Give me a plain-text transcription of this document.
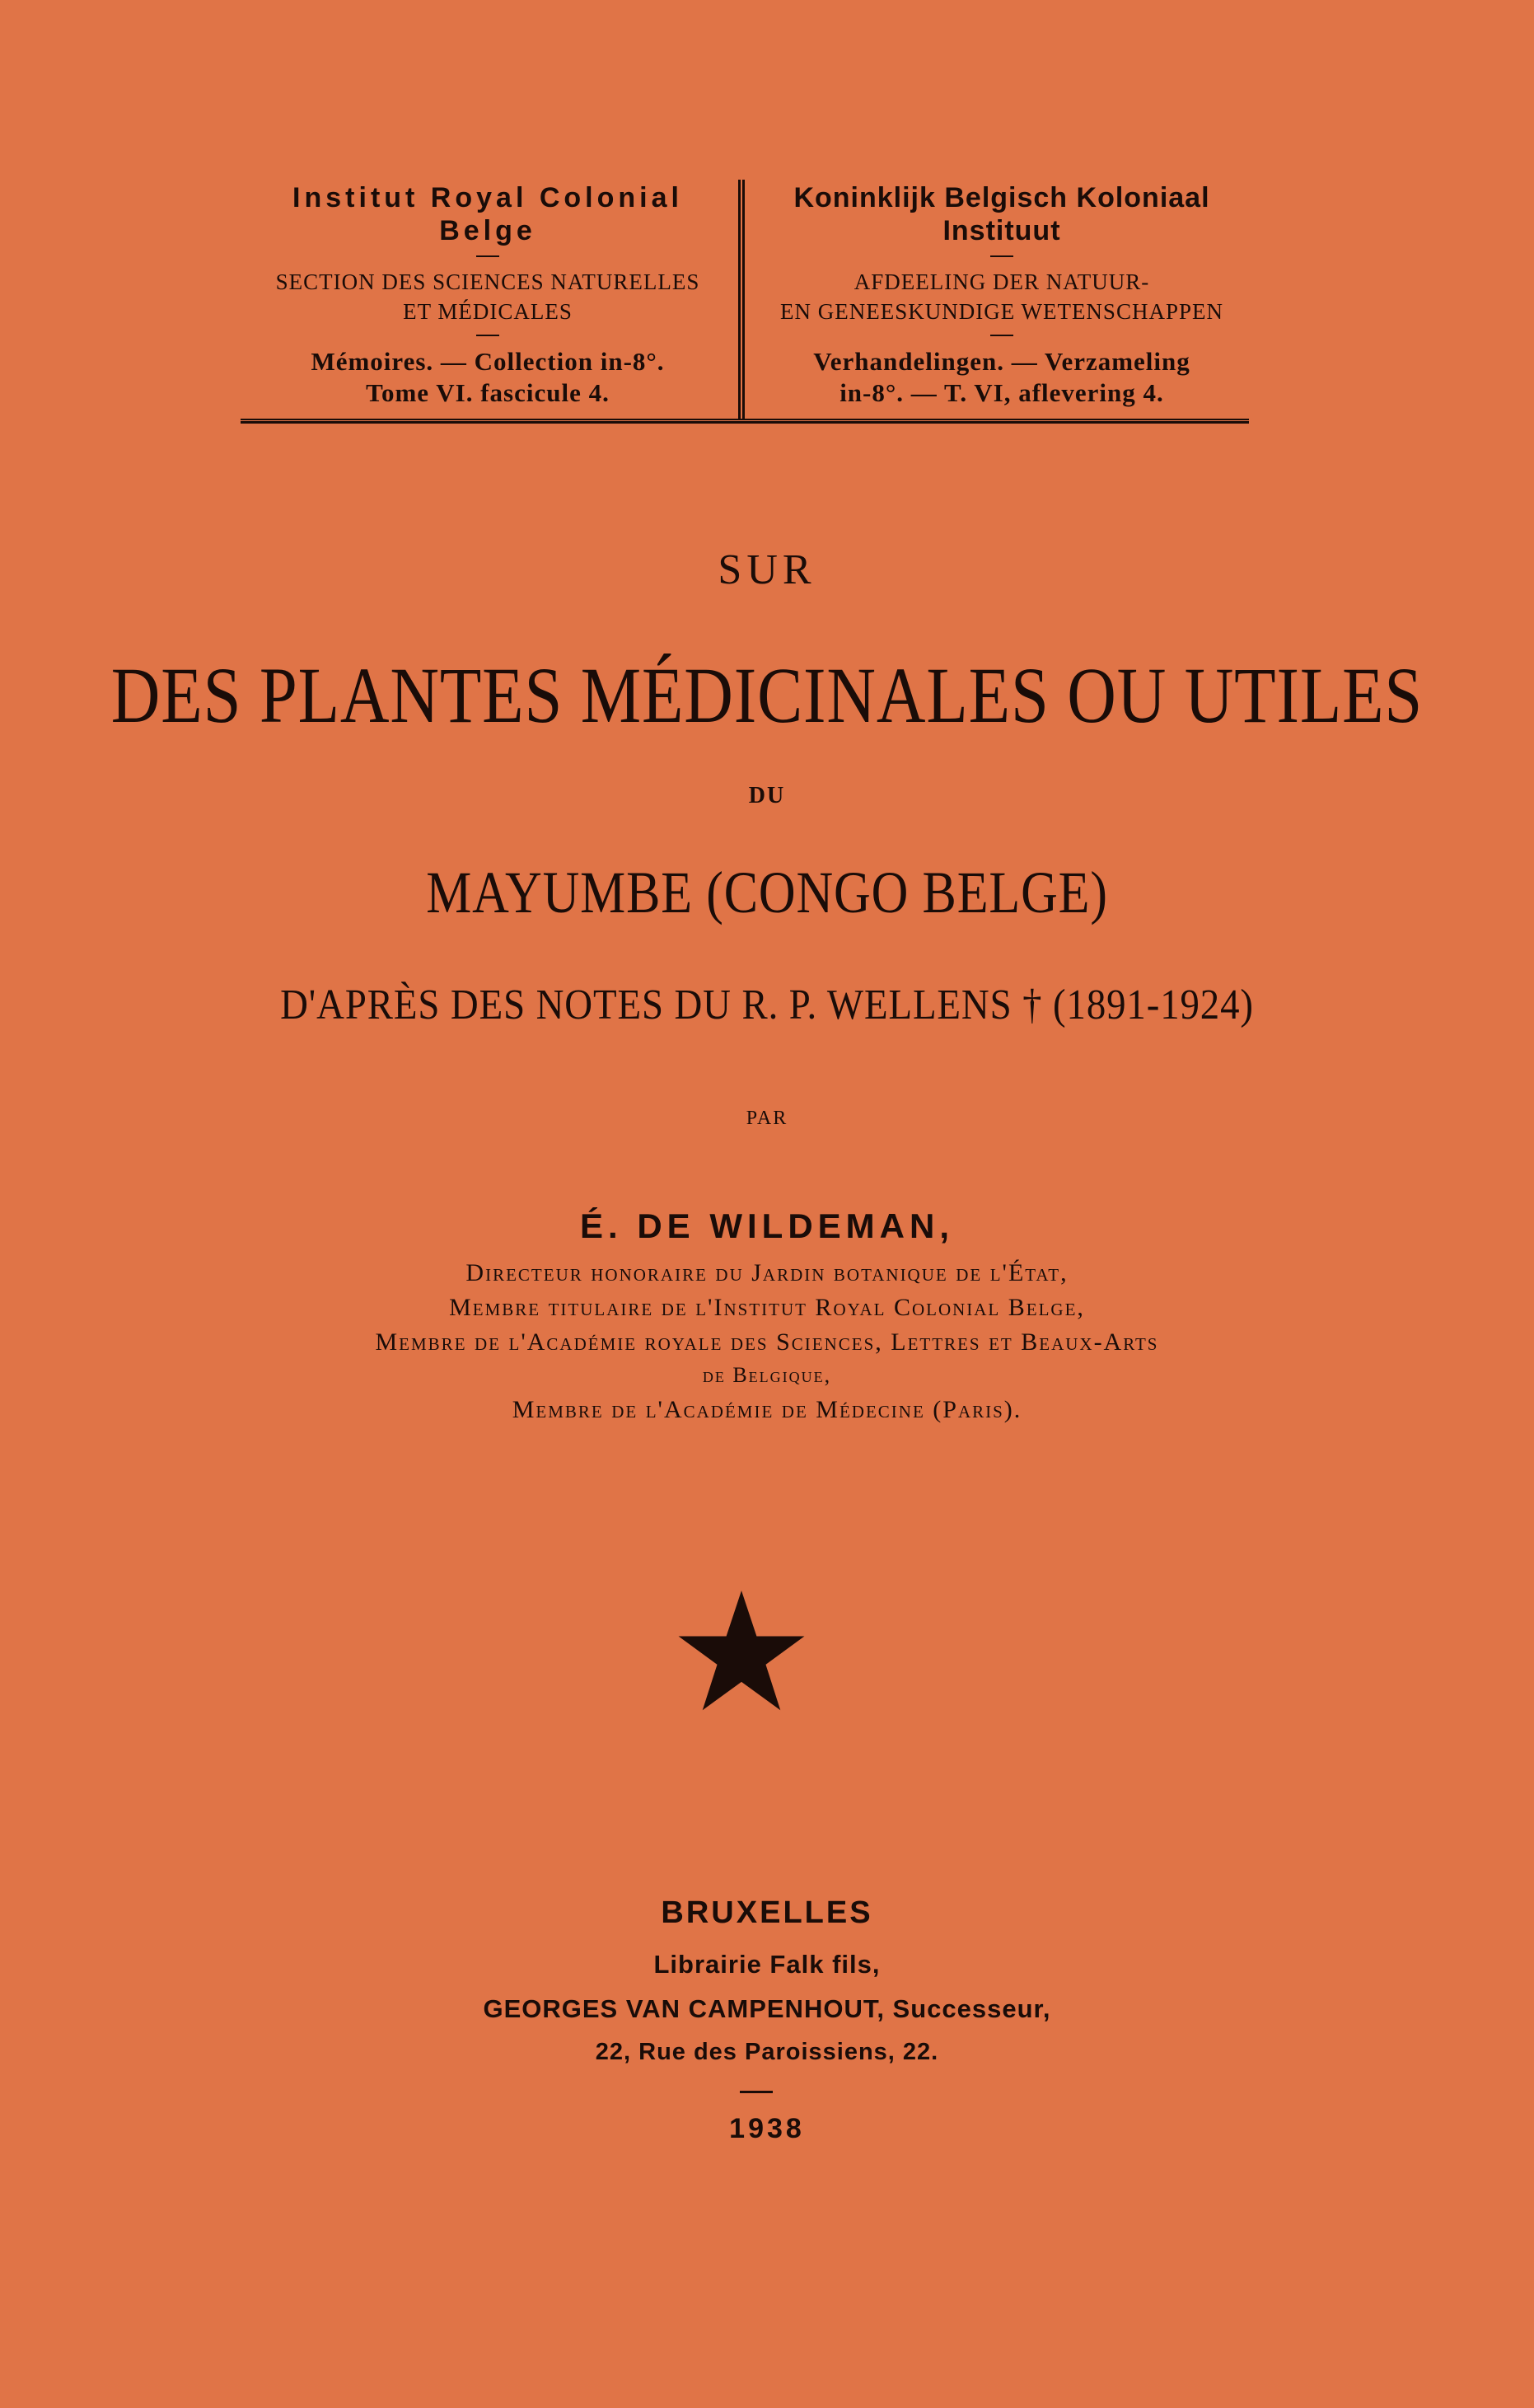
Institut Royal Colonial Belge
SECTION DES SCIENCES NATURELLES
ET MÉDICALES
Mémoires. — Collection in-8°.
Tome VI. fascicule 4.
Koninklijk Belgisch Koloniaal Instituut
AFDEELING DER NATUUR-
EN GENEESKUNDIGE WETENSCHAPPEN
Verhandelingen. — Verzameling
in-8°. — T. VI, aflevering 4.
SUR
DES PLANTES MÉDICINALES OU UTILES
DU
MAYUMBE (CONGO BELGE)
D'APRÈS DES NOTES DU R. P. WELLENS † (1891-1924)
PAR
É. DE WILDEMAN,
Directeur honoraire du Jardin botanique de l'État,
Membre titulaire de l'Institut Royal Colonial Belge,
Membre de l'Académie royale des Sciences, Lettres et Beaux-Arts
de Belgique,
Membre de l'Académie de Médecine (Paris).
BRUXELLES
Librairie Falk fils,
GEORGES VAN CAMPENHOUT, Successeur,
22, Rue des Paroissiens, 22.
1938
